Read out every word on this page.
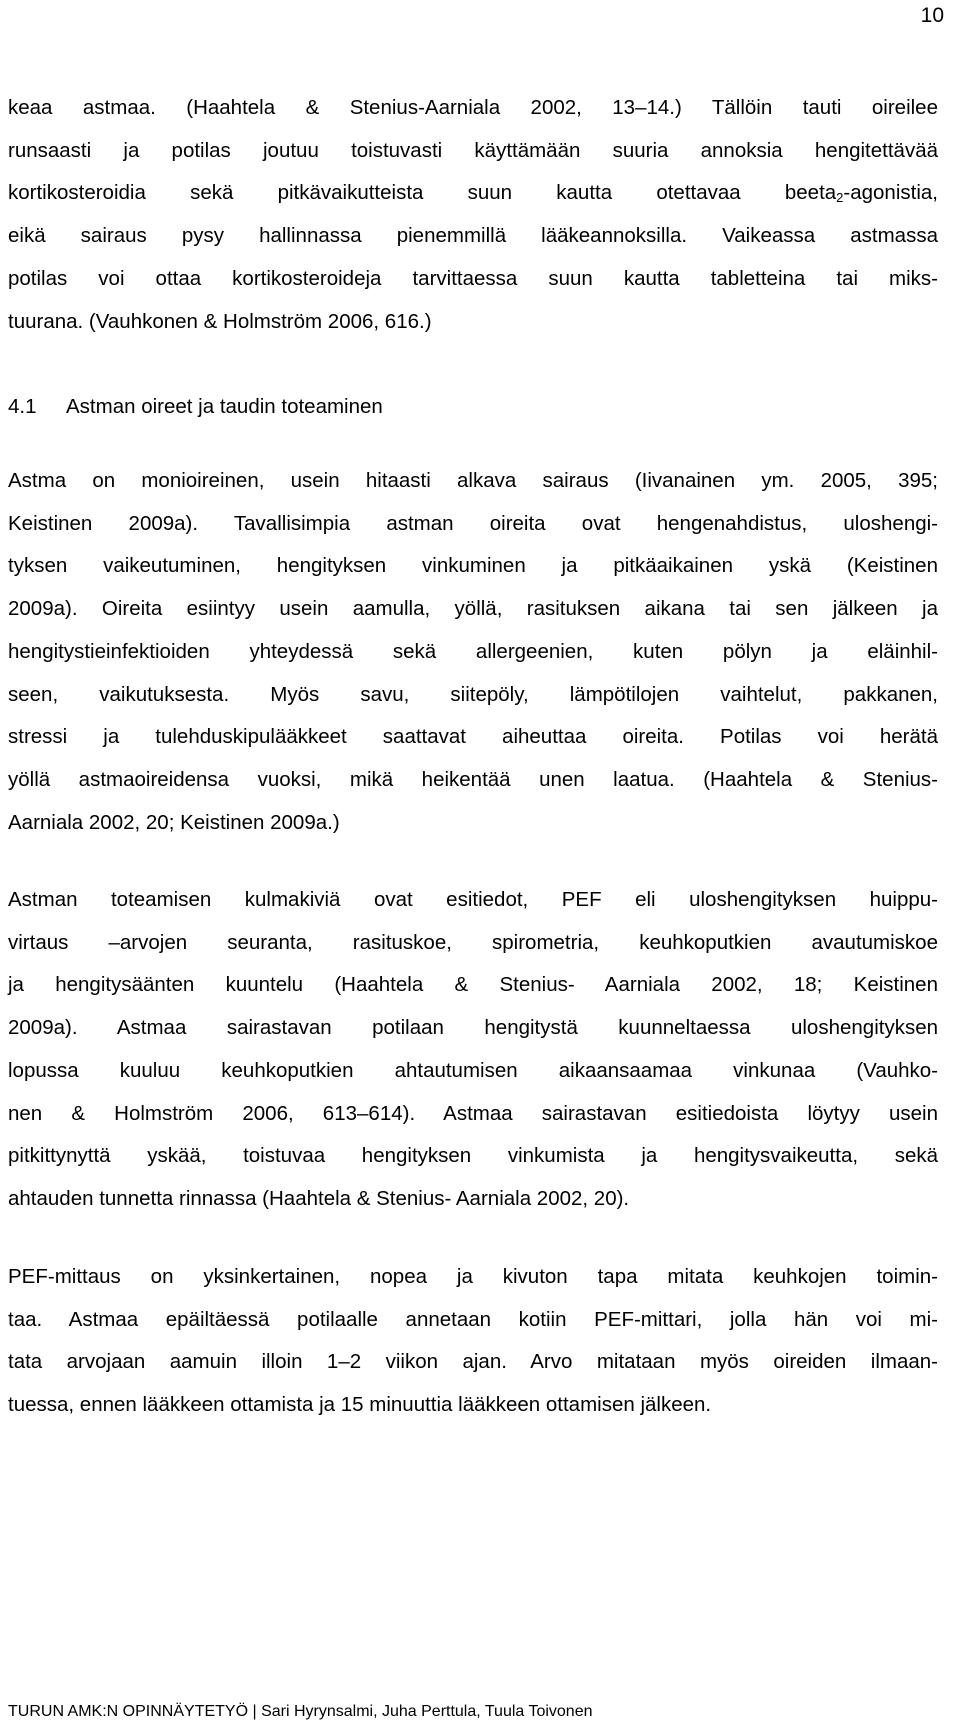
10
keaa astmaa. (Haahtela & Stenius-Aarniala 2002, 13–14.) Tällöin tauti oireilee
runsaasti ja potilas joutuu toistuvasti käyttämään suuria annoksia hengitettävää
kortikosteroidia sekä pitkävaikutteista suun kautta otettavaa beeta$_2$-agonistia,
eikä sairaus pysy hallinnassa pienemmillä lääkeannoksilla. Vaikeassa astmassa
potilas voi ottaa kortikosteroideja tarvittaessa suun kautta tabletteina tai miks-
tuurana. (Vauhkonen & Holmström 2006, 616.)
4.1 Astman oireet ja taudin toteaminen
Astma on monioireinen, usein hitaasti alkava sairaus (Iivanainen ym. 2005, 395;
Keistinen 2009a). Tavallisimpia astman oireita ovat hengenahdistus, uloshengi-
tyksen vaikeutuminen, hengityksen vinkuminen ja pitkäaikainen yskä (Keistinen
2009a). Oireita esiintyy usein aamulla, yöllä, rasituksen aikana tai sen jälkeen ja
hengitystieinfektioiden yhteydessä sekä allergeenien, kuten pölyn ja eläinhil-
seen, vaikutuksesta. Myös savu, siitepöly, lämpötilojen vaihtelut, pakkanen,
stressi ja tulehduskipulääkkeet saattavat aiheuttaa oireita. Potilas voi herätä
yöllä astmaoireidensa vuoksi, mikä heikentää unen laatua. (Haahtela & Stenius-
Aarniala 2002, 20; Keistinen 2009a.)
Astman toteamisen kulmakiviä ovat esitiedot, PEF eli uloshengityksen huippu-
virtaus –arvojen seuranta, rasituskoe, spirometria, keuhkoputkien avautumiskoe
ja hengitysäänten kuuntelu (Haahtela & Stenius- Aarniala 2002, 18; Keistinen
2009a). Astmaa sairastavan potilaan hengitystä kuunneltaessa uloshengityksen
lopussa kuuluu keuhkoputkien ahtautumisen aikaansaamaa vinkunaa (Vauhko-
nen & Holmström 2006, 613–614). Astmaa sairastavan esitiedoista löytyy usein
pitkittynyttä yskää, toistuvaa hengityksen vinkumista ja hengitysvaikeutta, sekä
ahtauden tunnetta rinnassa (Haahtela & Stenius- Aarniala 2002, 20).
PEF-mittaus on yksinkertainen, nopea ja kivuton tapa mitata keuhkojen toimin-
taa. Astmaa epäiltäessä potilaalle annetaan kotiin PEF-mittari, jolla hän voi mi-
tata arvojaan aamuin illoin 1–2 viikon ajan. Arvo mitataan myös oireiden ilmaan-
tuessa, ennen lääkkeen ottamista ja 15 minuuttia lääkkeen ottamisen jälkeen.
TURUN AMK:N OPINNÄYTETYÖ | Sari Hyrynsalmi, Juha Perttula, Tuula Toivonen
